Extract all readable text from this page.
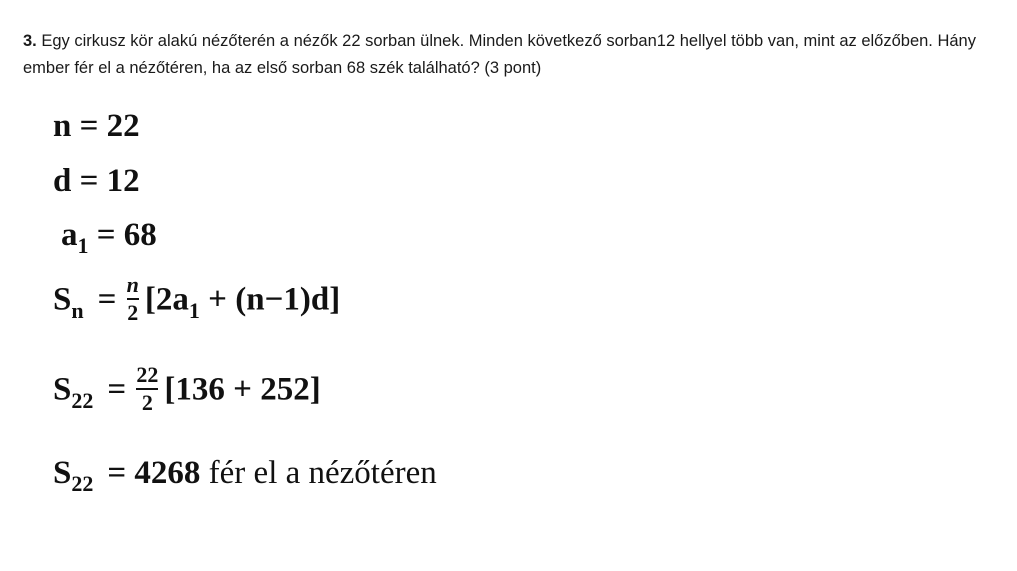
3. Egy cirkusz kör alakú nézőterén a nézők 22 sorban ülnek. Minden következő sorban12 hellyel több van, mint az előzőben. Hány ember fér el a nézőtéren, ha az első sorban 68 szék található? (3 pont)
n = 22
d = 12
$a_1 = 68$
$S_n = \frac{n}{2} [2a_1 + (n-1)d]$
$S_{22} = \frac{22}{2} [136 + 252]$
$S_{22} = 4268$ fér el a nézőtéren
